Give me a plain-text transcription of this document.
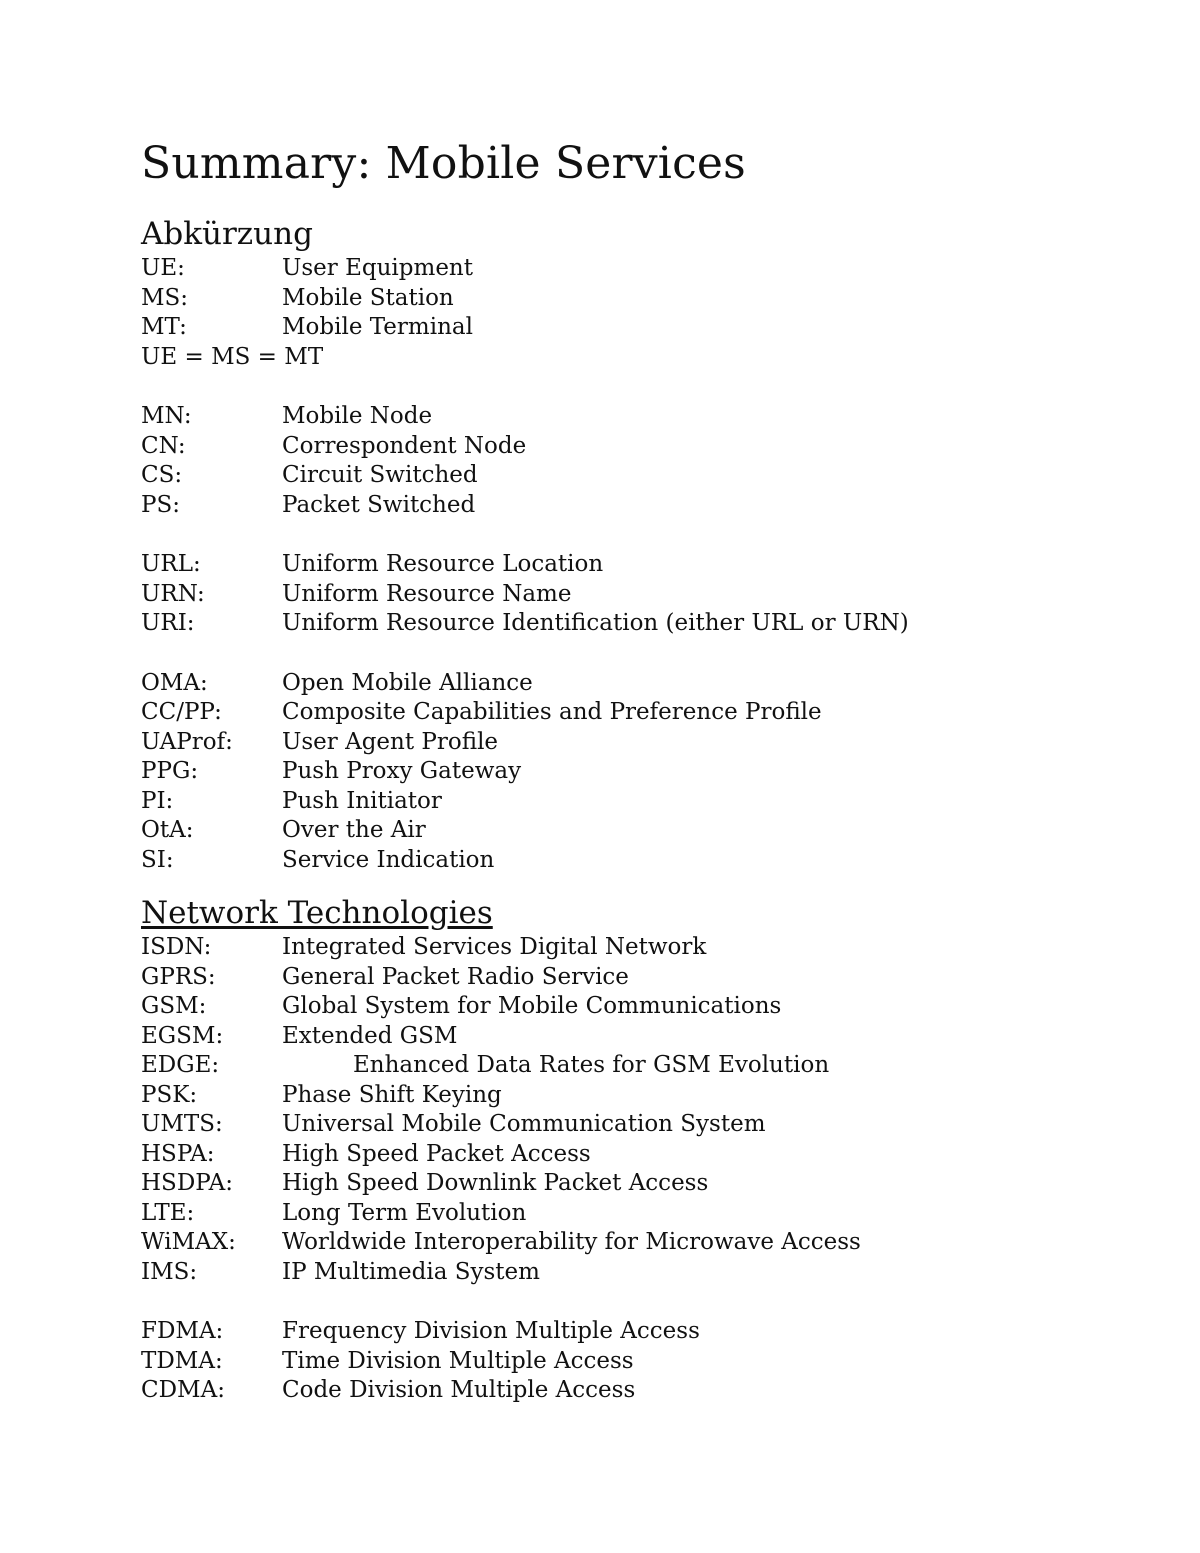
Summary: Mobile Services
Abkürzung
UE:	User Equipment
MS:	Mobile Station
MT:	Mobile Terminal
UE = MS = MT
MN:	Mobile Node
CN:	Correspondent Node
CS:	Circuit Switched
PS:	Packet Switched
URL:	Uniform Resource Location
URN:	Uniform Resource Name
URI:	Uniform Resource Identification (either URL or URN)
OMA:	Open Mobile Alliance
CC/PP:	Composite Capabilities and Preference Profile
UAProf:	User Agent Profile
PPG:	Push Proxy Gateway
PI:	Push Initiator
OtA:	Over the Air
SI:	Service Indication
Network Technologies
ISDN:	Integrated Services Digital Network
GPRS:	General Packet Radio Service
GSM:	Global System for Mobile Communications
EGSM:	Extended GSM
EDGE:	Enhanced Data Rates for GSM Evolution
PSK:	Phase Shift Keying
UMTS:	Universal Mobile Communication System
HSPA:	High Speed Packet Access
HSDPA:	High Speed Downlink Packet Access
LTE:	Long Term Evolution
WiMAX:	Worldwide Interoperability for Microwave Access
IMS:	IP Multimedia System
FDMA:	Frequency Division Multiple Access
TDMA:	Time Division Multiple Access
CDMA:	Code Division Multiple Access
